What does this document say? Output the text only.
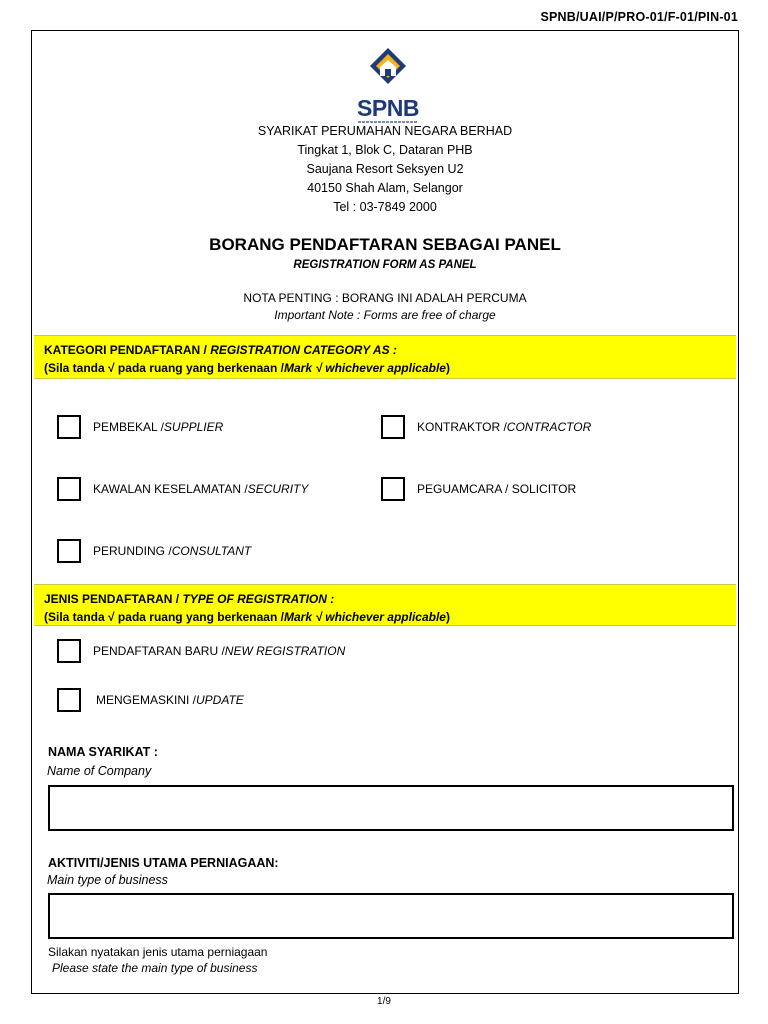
SPNB/UAI/P/PRO-01/F-01/PIN-01
SPNB
SYARIKAT PERUMAHAN NEGARA BERHAD
Tingkat 1, Blok C, Dataran PHB
Saujana Resort Seksyen U2
40150 Shah Alam, Selangor
Tel : 03-7849 2000
BORANG PENDAFTARAN SEBAGAI PANEL
REGISTRATION FORM AS PANEL
NOTA PENTING : BORANG INI ADALAH PERCUMA
Important Note : Forms are free of charge
KATEGORI PENDAFTARAN / REGISTRATION CATEGORY AS :
(Sila tanda √ pada ruang yang berkenaan /Mark √ whichever applicable)
PEMBEKAL / SUPPLIER	KONTRAKTOR / CONTRACTOR
KAWALAN KESELAMATAN / SECURITY	PEGUAMCARA / SOLICITOR
PERUNDING / CONSULTANT
JENIS PENDAFTARAN / TYPE OF REGISTRATION :
(Sila tanda √ pada ruang yang berkenaan /Mark √ whichever applicable)
PENDAFTARAN BARU / NEW REGISTRATION
MENGEMASKINI / UPDATE
NAMA SYARIKAT :
Name of Company
AKTIVITI/JENIS UTAMA PERNIAGAAN:
Main type of business
Silakan nyatakan jenis utama perniagaan
Please state the main type of business
1/9
